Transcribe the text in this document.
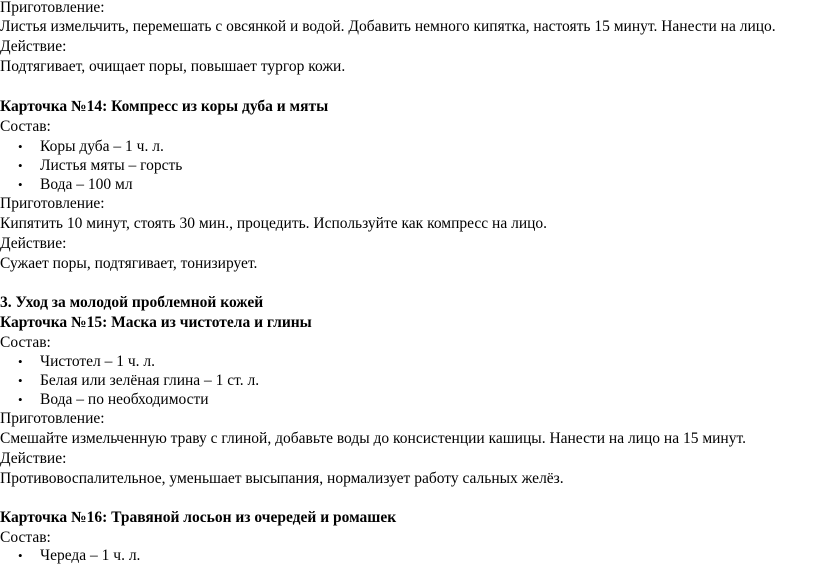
Приготовление:
Листья измельчить, перемешать с овсянкой и водой. Добавить немного кипятка, настоять 15 минут. Нанести на лицо.
Действие:
Подтягивает, очищает поры, повышает тургор кожи.
Карточка №14: Компресс из коры дуба и мяты
Состав:
•	Коры дуба – 1 ч. л.
•	Листья мяты – горсть
•	Вода – 100 мл
Приготовление:
Кипятить 10 минут, стоять 30 мин., процедить. Используйте как компресс на лицо.
Действие:
Сужает поры, подтягивает, тонизирует.
3. Уход за молодой проблемной кожей
Карточка №15: Маска из чистотела и глины
Состав:
•	Чистотел – 1 ч. л.
•	Белая или зелёная глина – 1 ст. л.
•	Вода – по необходимости
Приготовление:
Смешайте измельченную траву с глиной, добавьте воды до консистенции кашицы. Нанести на лицо на 15 минут.
Действие:
Противовоспалительное, уменьшает высыпания, нормализует работу сальных желёз.
Карточка №16: Травяной лосьон из очередей и ромашек
Состав:
•	Череда – 1 ч. л.
